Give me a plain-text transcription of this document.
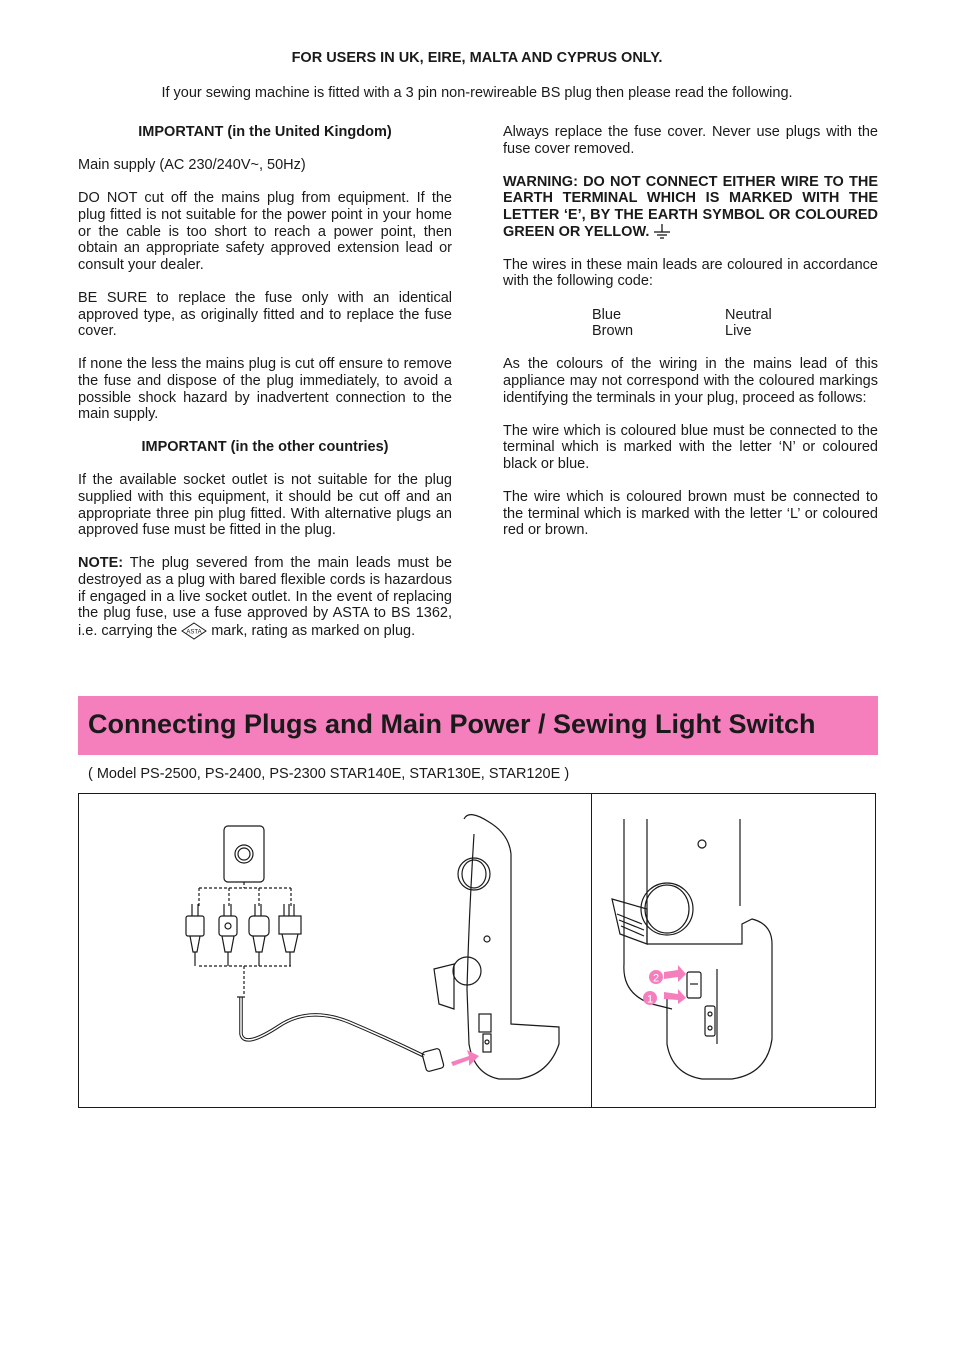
FOR USERS IN UK, EIRE, MALTA AND CYPRUS ONLY.
If your sewing machine is fitted with a 3 pin non-rewireable BS plug then please read the following.

IMPORTANT (in the United Kingdom)

Main supply (AC 230/240V~, 50Hz)

DO NOT cut off the mains plug from equipment. If the plug fitted is not suitable for the power point in your home or the cable is too short to reach a power point, then obtain an appropriate safety approved extension lead or consult your dealer.

BE SURE to replace the fuse only with an identical approved type, as originally fitted and to replace the fuse cover.

If none the less the mains plug is cut off ensure to remove the fuse and dispose of the plug immediately, to avoid a possible shock hazard by inadvertent connection to the main supply.

IMPORTANT (in the other countries)

If the available socket outlet is not suitable for the plug supplied with this equipment, it should be cut off and an appropriate three pin plug fitted. With alternative plugs an approved fuse must be fitted in the plug.

NOTE: The plug severed from the main leads must be destroyed as a plug with bared flexible cords is hazardous if engaged in a live socket outlet. In the event of replacing the plug fuse, use a fuse approved by ASTA to BS 1362, i.e. carrying the ASTA mark, rating as marked on plug.

Always replace the fuse cover. Never use plugs with the fuse cover removed.

WARNING: DO NOT CONNECT EITHER WIRE TO THE EARTH TERMINAL WHICH IS MARKED WITH THE LETTER ‘E’, BY THE EARTH SYMBOL OR COLOURED GREEN OR YELLOW.

The wires in these main leads are coloured in accordance with the following code:

Blue	Neutral
Brown	Live

As the colours of the wiring in the mains lead of this appliance may not correspond with the coloured markings identifying the terminals in your plug, proceed as follows:

The wire which is coloured blue must be connected to the terminal which is marked with the letter ‘N’ or coloured black or blue.

The wire which is coloured brown must be connected to the terminal which is marked with the letter ‘L’ or coloured red or brown.

Connecting Plugs and Main Power / Sewing Light Switch
( Model PS-2500, PS-2400, PS-2300 STAR140E, STAR130E, STAR120E )
2
1
